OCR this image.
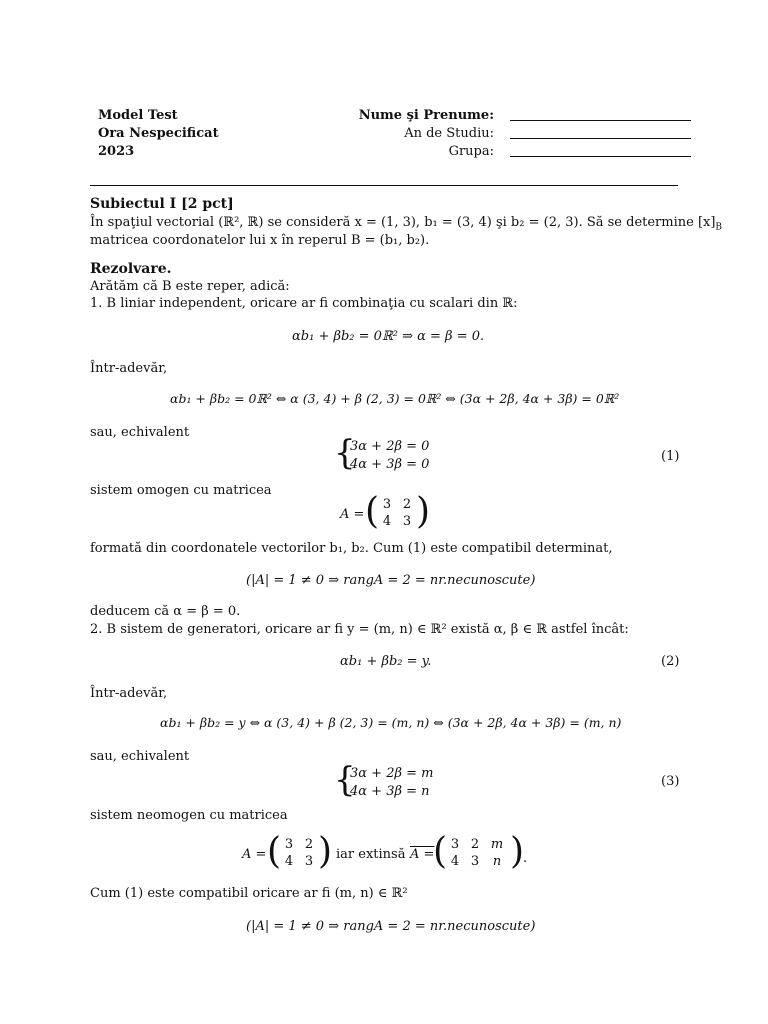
Model Test
Ora Nespecificat
2023
Nume şi Prenume:
An de Studiu:
Grupa:
Subiectul I [2 pct]
În spaţiul vectorial (ℝ², ℝ) se consideră x = (1, 3), b₁ = (3, 4) şi b₂ = (2, 3). Să se determine $[x]_B$
matricea coordonatelor lui x în reperul B = (b₁, b₂).
Rezolvare.
Arătăm că B este reper, adică:
1. B liniar independent, oricare ar fi combinaţia cu scalari din ℝ:
αb₁ + βb₂ = 0ℝ² ⇒ α = β = 0.
Într-adevăr,
αb₁ + βb₂ = 0ℝ² ⇔ α (3, 4) + β (2, 3) = 0ℝ² ⇔ (3α + 2β, 4α + 3β) = 0ℝ²
sau, echivalent
{
3α + 2β = 0
4α + 3β = 0
(1)
sistem omogen cu matricea
A = ( 3 2
4 3 )
formată din coordonatele vectorilor b₁, b₂. Cum (1) este compatibil determinat,
(|A| = 1 ≠ 0 ⇒ rangA = 2 = nr.necunoscute)
deducem că α = β = 0.
2. B sistem de generatori, oricare ar fi y = (m, n) ∈ ℝ² există α, β ∈ ℝ astfel încât:
αb₁ + βb₂ = y.	(2)
Într-adevăr,
αb₁ + βb₂ = y ⇔ α (3, 4) + β (2, 3) = (m, n) ⇔ (3α + 2β, 4α + 3β) = (m, n)
sau, echivalent
{
3α + 2β = m
4α + 3β = n
(3)
sistem neomogen cu matricea
A = ( 3 2
4 3 ) iar extinsă A =
( 3 2 m
4 3 n )
.
Cum (1) este compatibil oricare ar fi (m, n) ∈ ℝ²
(|A| = 1 ≠ 0 ⇒ rangA = 2 = nr.necunoscute)
